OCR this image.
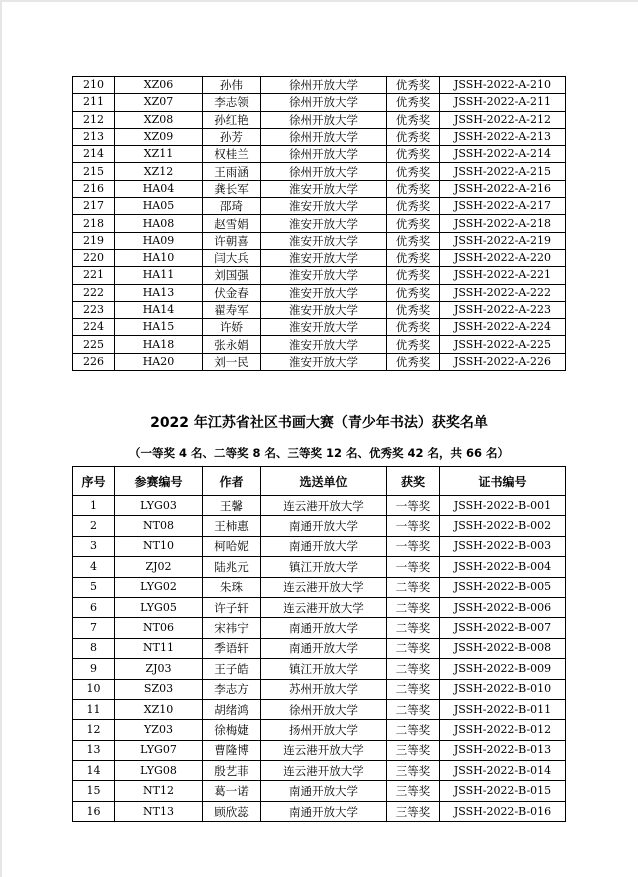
210	XZ06	孙伟	徐州开放大学	优秀奖	JSSH-2022-A-210
211	XZ07	李志领	徐州开放大学	优秀奖	JSSH-2022-A-211
212	XZ08	孙红艳	徐州开放大学	优秀奖	JSSH-2022-A-212
213	XZ09	孙芳	徐州开放大学	优秀奖	JSSH-2022-A-213
214	XZ11	权桂兰	徐州开放大学	优秀奖	JSSH-2022-A-214
215	XZ12	王雨涵	徐州开放大学	优秀奖	JSSH-2022-A-215
216	HA04	龚长军	淮安开放大学	优秀奖	JSSH-2022-A-216
217	HA05	邵琦	淮安开放大学	优秀奖	JSSH-2022-A-217
218	HA08	赵雪娟	淮安开放大学	优秀奖	JSSH-2022-A-218
219	HA09	许朝喜	淮安开放大学	优秀奖	JSSH-2022-A-219
220	HA10	闫大兵	淮安开放大学	优秀奖	JSSH-2022-A-220
221	HA11	刘国强	淮安开放大学	优秀奖	JSSH-2022-A-221
222	HA13	伏金春	淮安开放大学	优秀奖	JSSH-2022-A-222
223	HA14	翟寿军	淮安开放大学	优秀奖	JSSH-2022-A-223
224	HA15	许娇	淮安开放大学	优秀奖	JSSH-2022-A-224
225	HA18	张永娟	淮安开放大学	优秀奖	JSSH-2022-A-225
226	HA20	刘一民	淮安开放大学	优秀奖	JSSH-2022-A-226
2022 年江苏省社区书画大赛（青少年书法）获奖名单
（一等奖 4 名、二等奖 8 名、三等奖 12 名、优秀奖 42 名，共 66 名）
序号	参赛编号	作者	选送单位	获奖	证书编号
1	LYG03	王馨	连云港开放大学	一等奖	JSSH-2022-B-001
2	NT08	王柿惠	南通开放大学	一等奖	JSSH-2022-B-002
3	NT10	柯哈妮	南通开放大学	一等奖	JSSH-2022-B-003
4	ZJ02	陆兆元	镇江开放大学	一等奖	JSSH-2022-B-004
5	LYG02	朱珠	连云港开放大学	二等奖	JSSH-2022-B-005
6	LYG05	许子轩	连云港开放大学	二等奖	JSSH-2022-B-006
7	NT06	宋祎宁	南通开放大学	二等奖	JSSH-2022-B-007
8	NT11	季语轩	南通开放大学	二等奖	JSSH-2022-B-008
9	ZJ03	王子皓	镇江开放大学	二等奖	JSSH-2022-B-009
10	SZ03	李志方	苏州开放大学	二等奖	JSSH-2022-B-010
11	XZ10	胡绪鸿	徐州开放大学	二等奖	JSSH-2022-B-011
12	YZ03	徐梅婕	扬州开放大学	二等奖	JSSH-2022-B-012
13	LYG07	曹隆博	连云港开放大学	三等奖	JSSH-2022-B-013
14	LYG08	殷艺菲	连云港开放大学	三等奖	JSSH-2022-B-014
15	NT12	葛一诺	南通开放大学	三等奖	JSSH-2022-B-015
16	NT13	顾欣蕊	南通开放大学	三等奖	JSSH-2022-B-016
